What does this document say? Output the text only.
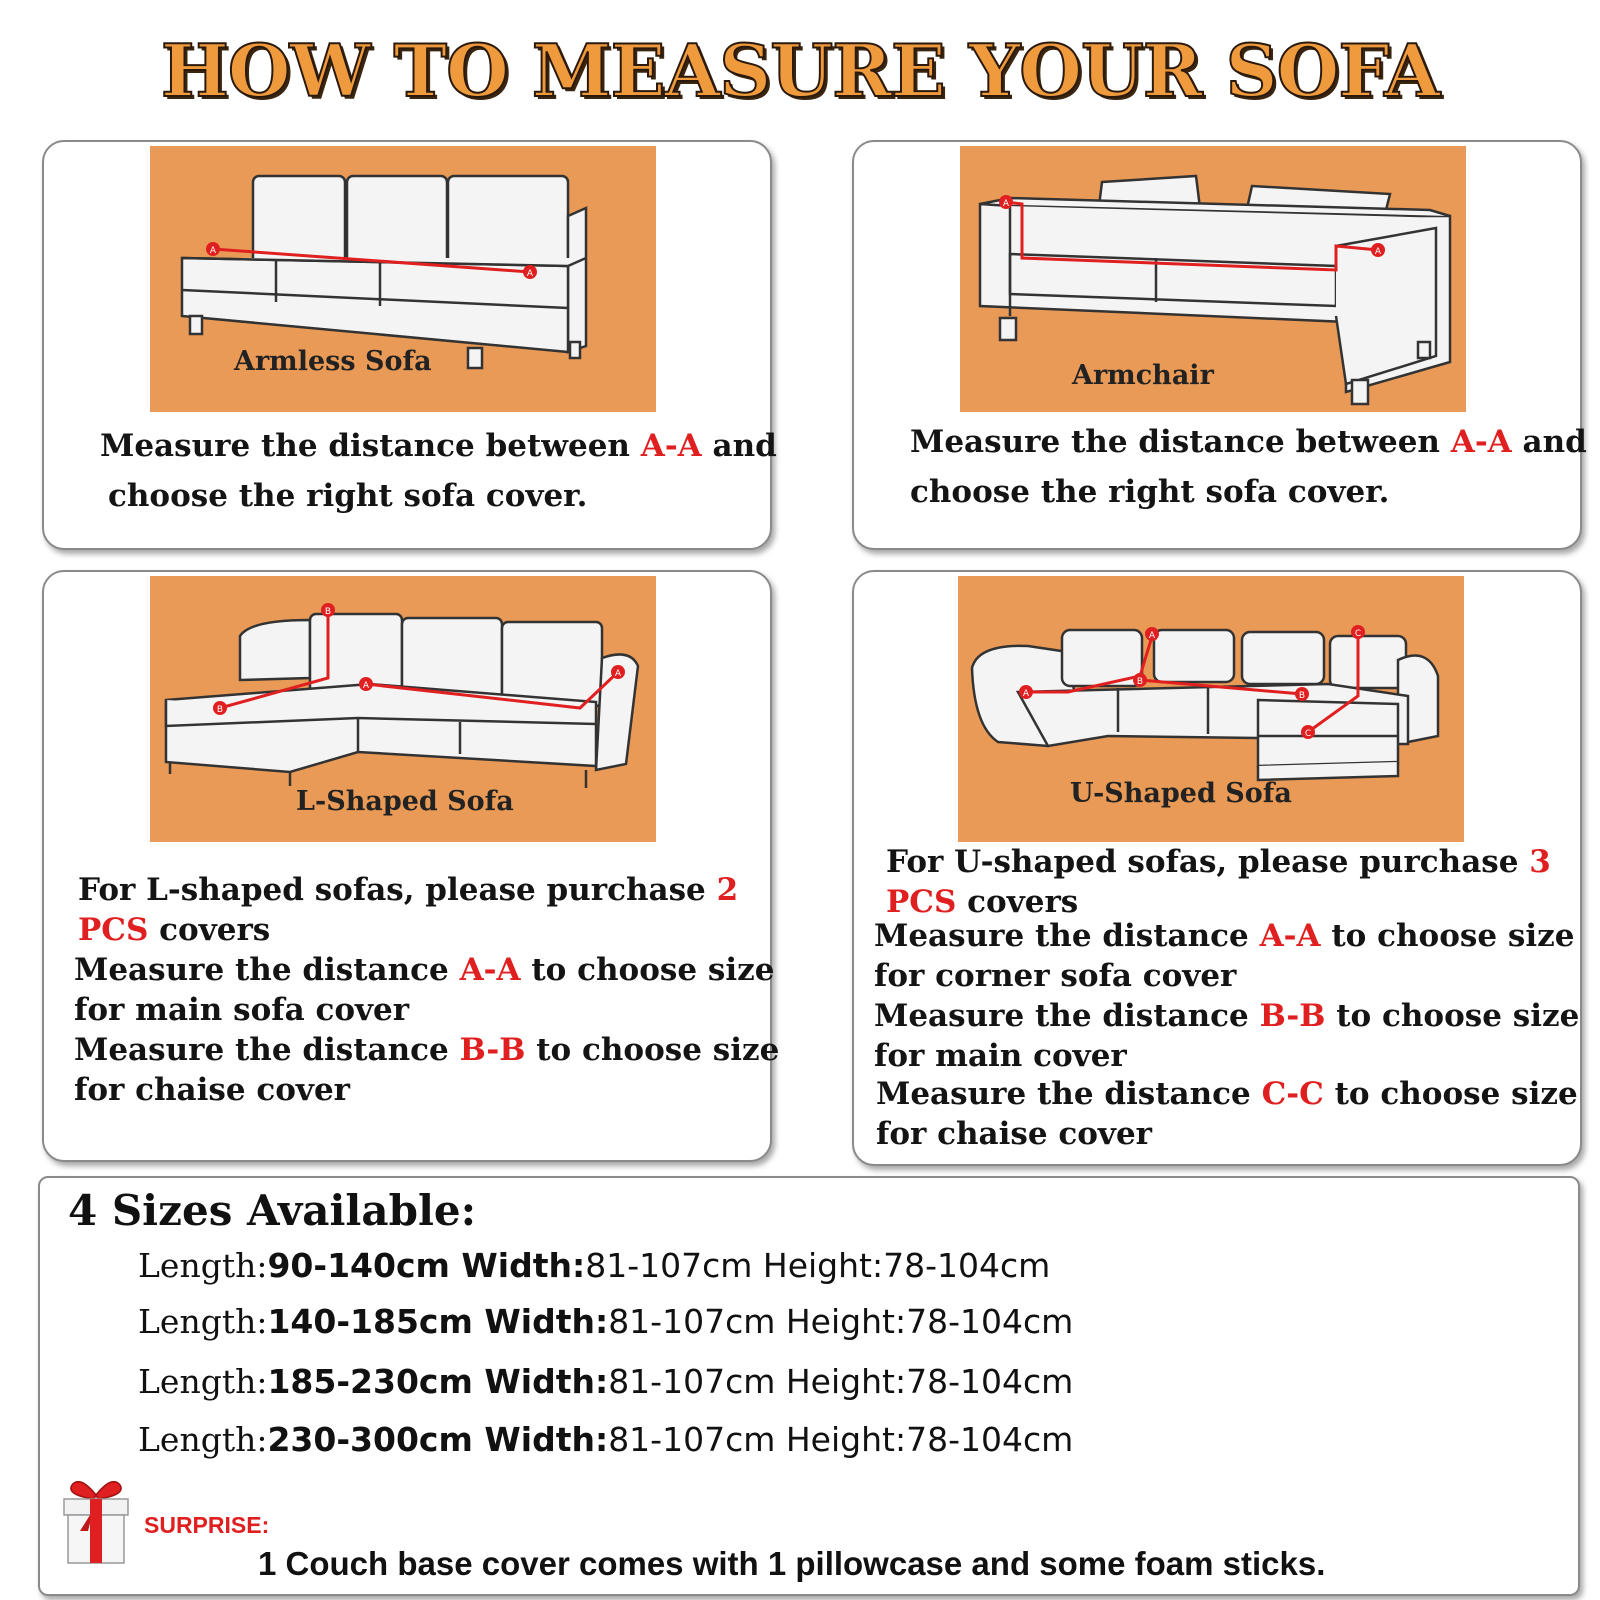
HOW TO MEASURE YOUR SOFA
A
A
Armless Sofa
Measure the distance between A-A and
choose the right sofa cover.
A
A
Armchair
Measure the distance between A-A and
choose the right sofa cover.
B
B
A
A
L-Shaped Sofa
For L-shaped sofas, please purchase 2
PCS covers
Measure the distance A-A to choose size
for main sofa cover
Measure the distance B-B to choose size
for chaise cover
A
A
B
B
C
C
U-Shaped Sofa
For U-shaped sofas, please purchase 3
PCS covers
Measure the distance A-A to choose size
for corner sofa cover
Measure the distance B-B to choose size
for main cover
Measure the distance C-C to choose size
for chaise cover
4 Sizes Available:
Length:90-140cm Width:81-107cm Height:78-104cm
Length:140-185cm Width:81-107cm Height:78-104cm
Length:185-230cm Width:81-107cm Height:78-104cm
Length:230-300cm Width:81-107cm Height:78-104cm
SURPRISE:
1 Couch base cover comes with 1 pillowcase and some foam sticks.
